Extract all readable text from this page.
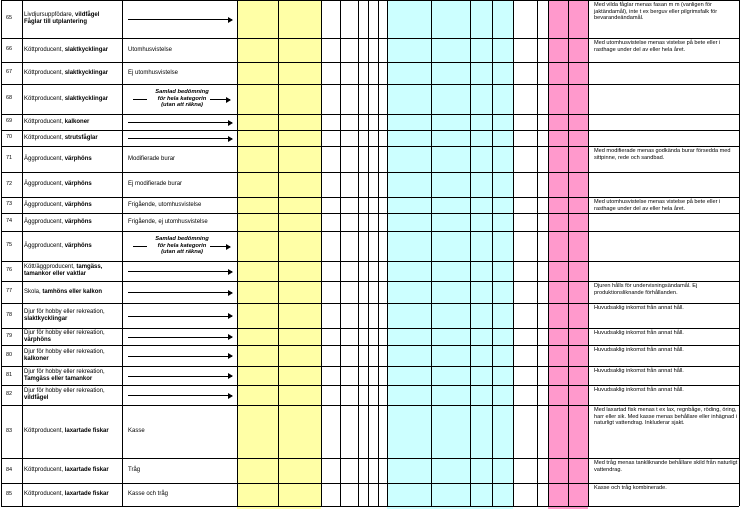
65	Livdjursuppfödare, vildfågel
Fåglar till utplantering
Med vilda fåglar menas fasan m m (vanligen för jaktändamål), inte t ex berguv eller pilgrimsfalk för bevarandeändamål.
66	Köttproducent, slaktkycklingar	Utomhusvistelse
Med utomhusvistelse menas vistelse på bete eller i rasthage under del av eller hela året.
67	Köttproducent, slaktkycklingar	Ej utomhusvistelse
68	Köttproducent, slaktkycklingar
Samlad bedömning
för hela kategorin
(utan att räkna)
69	Köttproducent, kalkoner
70	Köttproducent, strutsfåglar
71	Äggproducent, värphöns	Modifierade burar
Med modifierade menas godkända burar försedda med sittpinne, rede och sandbad.
72	Äggproducent, värphöns	Ej modifierade burar
73	Äggproducent, värphöns	Frigående, utomhusvistelse	Med utomhusvistelse menas vistelse på bete eller i rasthage under del av eller hela året.
74	Äggproducent, värphöns	Frigående, ej utomhusvistelse
75	Äggproducent, värphöns
Samlad bedömning
för hela kategorin
(utan att räkna)
76	Kött/äggproducent, tamgäss,
tamankor eller vaktlar
77	Skola, tamhöns eller kalkon
Djuren hålls för undervisningsändamål. Ej produktionsliknande förhållanden.
78	Djur för hobby eller rekreation,
slaktkycklingar
Huvudsaklig inkomst från annat håll.
79	Djur för hobby eller rekreation,
värphöns
Huvudsaklig inkomst från annat håll.
80	Djur för hobby eller rekreation,
kalkoner
Huvudsaklig inkomst från annat håll.
81	Djur för hobby eller rekreation,
Tamgäss eller tamankor
Huvudsaklig inkomst från annat håll.
82	Djur för hobby eller rekreation,
vildfågel
Huvudsaklig inkomst från annat håll.
83	Köttproducent, laxartade fiskar	Kasse
Med laxartad fisk menas t ex lax, regnbåge, röding, öring, harr eller sik. Med kasse menas behållare eller inhägnad i naturligt vattendrag. Inkluderar sjakt.
84	Köttproducent, laxartade fiskar	Tråg
Med tråg menas tankliknande behållare skild från naturligt vattendrag.
85	Köttproducent, laxartade fiskar	Kasse och tråg
Kasse och tråg kombinerade.
